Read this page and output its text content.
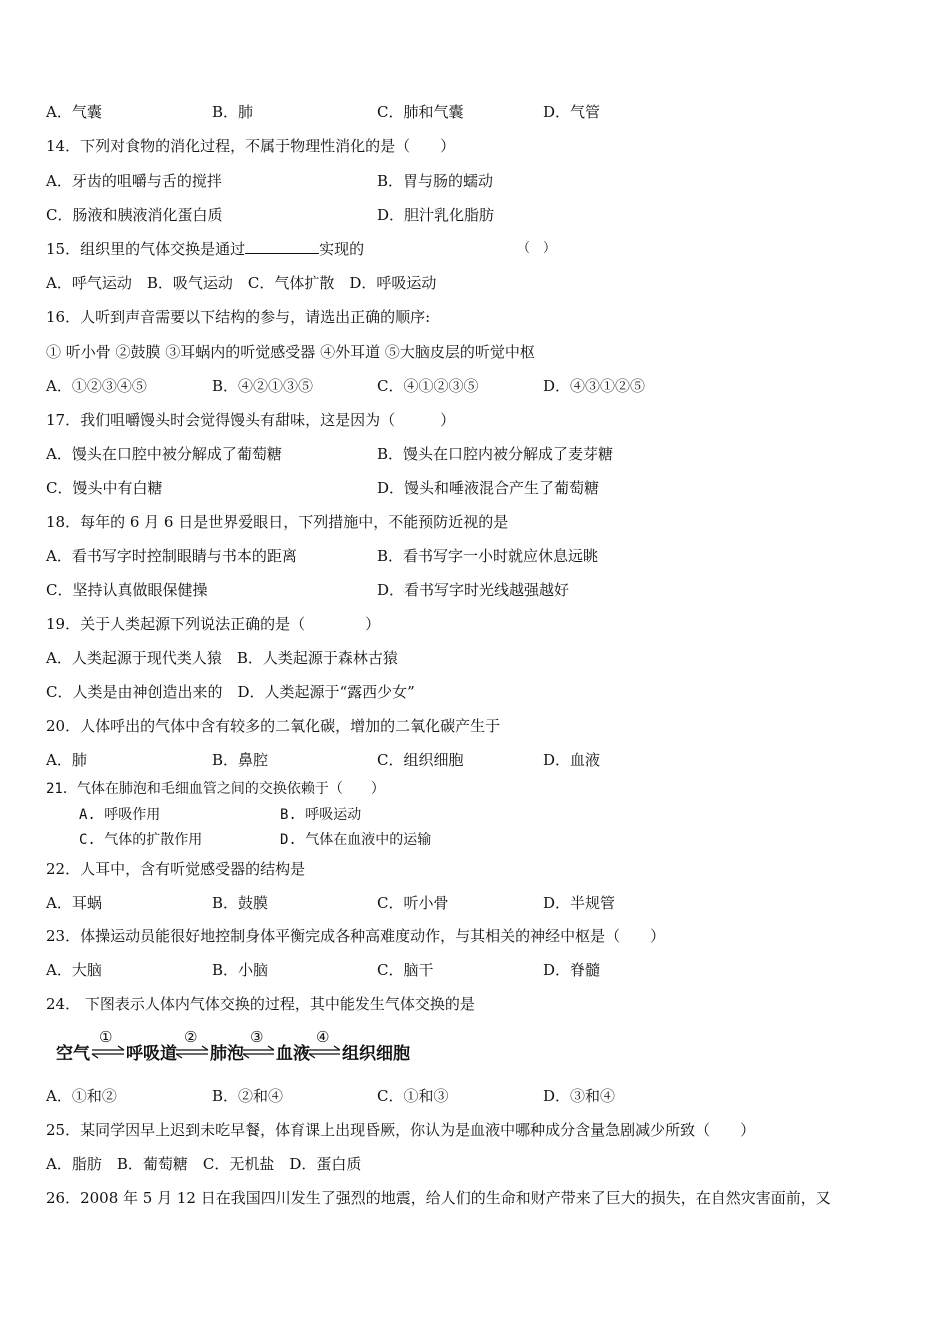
A．气囊	B．肺	C．肺和气囊	D．气管
14．下列对食物的消化过程，不属于物理性消化的是（　　）
A．牙齿的咀嚼与舌的搅拌	B．胃与肠的蠕动
C．肠液和胰液消化蛋白质	D．胆汁乳化脂肪
15．组织里的气体交换是通过	实现的	（　）
A．呼气运动　B．吸气运动　C．气体扩散　D．呼吸运动
16．人听到声音需要以下结构的参与，请选出正确的顺序:
① 听小骨 ②鼓膜 ③耳蜗内的听觉感受器 ④外耳道 ⑤大脑皮层的听觉中枢
A．①②③④⑤	B．④②①③⑤	C．④①②③⑤	D．④③①②⑤
17．我们咀嚼馒头时会觉得馒头有甜味，这是因为（　　　）
A．馒头在口腔中被分解成了葡萄糖	B．馒头在口腔内被分解成了麦芽糖
C．馒头中有白糖	D．馒头和唾液混合产生了葡萄糖
18．每年的 6 月 6 日是世界爱眼日，下列措施中，不能预防近视的是
A．看书写字时控制眼睛与书本的距离	B．看书写字一小时就应休息远眺
C．坚持认真做眼保健操	D．看书写字时光线越强越好
19．关于人类起源下列说法正确的是（　　　　）
A．人类起源于现代类人猿　B．人类起源于森林古猿
C．人类是由神创造出来的　D．人类起源于“露西少女”
20．人体呼出的气体中含有较多的二氧化碳，增加的二氧化碳产生于
A．肺	B．鼻腔	C．组织细胞	D．血液
21．气体在肺泡和毛细血管之间的交换依赖于（　　）
A. 呼吸作用	B. 呼吸运动
C. 气体的扩散作用	D. 气体在血液中的运输
22．人耳中，含有听觉感受器的结构是
A．耳蜗	B．鼓膜	C．听小骨	D．半规管
23．体操运动员能很好地控制身体平衡完成各种高难度动作，与其相关的神经中枢是（　　）
A．大脑	B．小脑	C．脑干	D．脊髓
24． 下图表示人体内气体交换的过程，其中能发生气体交换的是
空气 呼吸道 肺泡 血液 组织细胞
①	②	③	④
A．①和②	B．②和④	C．①和③	D．③和④
25．某同学因早上迟到未吃早餐，体育课上出现昏厥，你认为是血液中哪种成分含量急剧减少所致（　　）
A．脂肪　B．葡萄糖　C．无机盐　D．蛋白质
26．2008 年 5 月 12 日在我国四川发生了强烈的地震，给人们的生命和财产带来了巨大的损失，在自然灾害面前，又
